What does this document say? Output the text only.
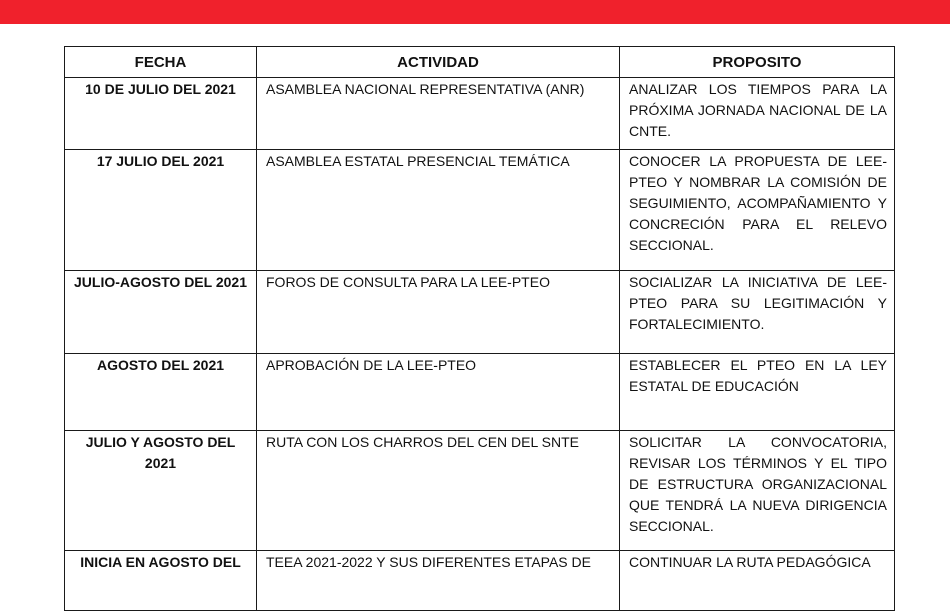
FECHA	ACTIVIDAD	PROPOSITO
10 DE JULIO DEL 2021	ASAMBLEA NACIONAL REPRESENTATIVA (ANR)	ANALIZAR LOS TIEMPOS PARA LA PRÓXIMA JORNADA NACIONAL DE LA CNTE.
17 JULIO DEL 2021	ASAMBLEA ESTATAL PRESENCIAL TEMÁTICA	CONOCER LA PROPUESTA DE LEE-PTEO Y NOMBRAR LA COMISIÓN DE SEGUIMIENTO, ACOMPAÑAMIENTO Y CONCRECIÓN PARA EL RELEVO SECCIONAL.
JULIO-AGOSTO DEL 2021	FOROS DE CONSULTA PARA LA LEE-PTEO	SOCIALIZAR LA INICIATIVA DE LEE-PTEO PARA SU LEGITIMACIÓN Y FORTALECIMIENTO.
AGOSTO DEL 2021	APROBACIÓN DE LA LEE-PTEO	ESTABLECER EL PTEO EN LA LEY ESTATAL DE EDUCACIÓN
JULIO Y AGOSTO DEL 2021	RUTA CON LOS CHARROS DEL CEN DEL SNTE	SOLICITAR LA CONVOCATORIA, REVISAR LOS TÉRMINOS Y EL TIPO DE ESTRUCTURA ORGANIZACIONAL QUE TENDRÁ LA NUEVA DIRIGENCIA SECCIONAL.
INICIA EN AGOSTO DEL	TEEA 2021-2022 Y SUS DIFERENTES ETAPAS DE	CONTINUAR LA RUTA PEDAGÓGICA
